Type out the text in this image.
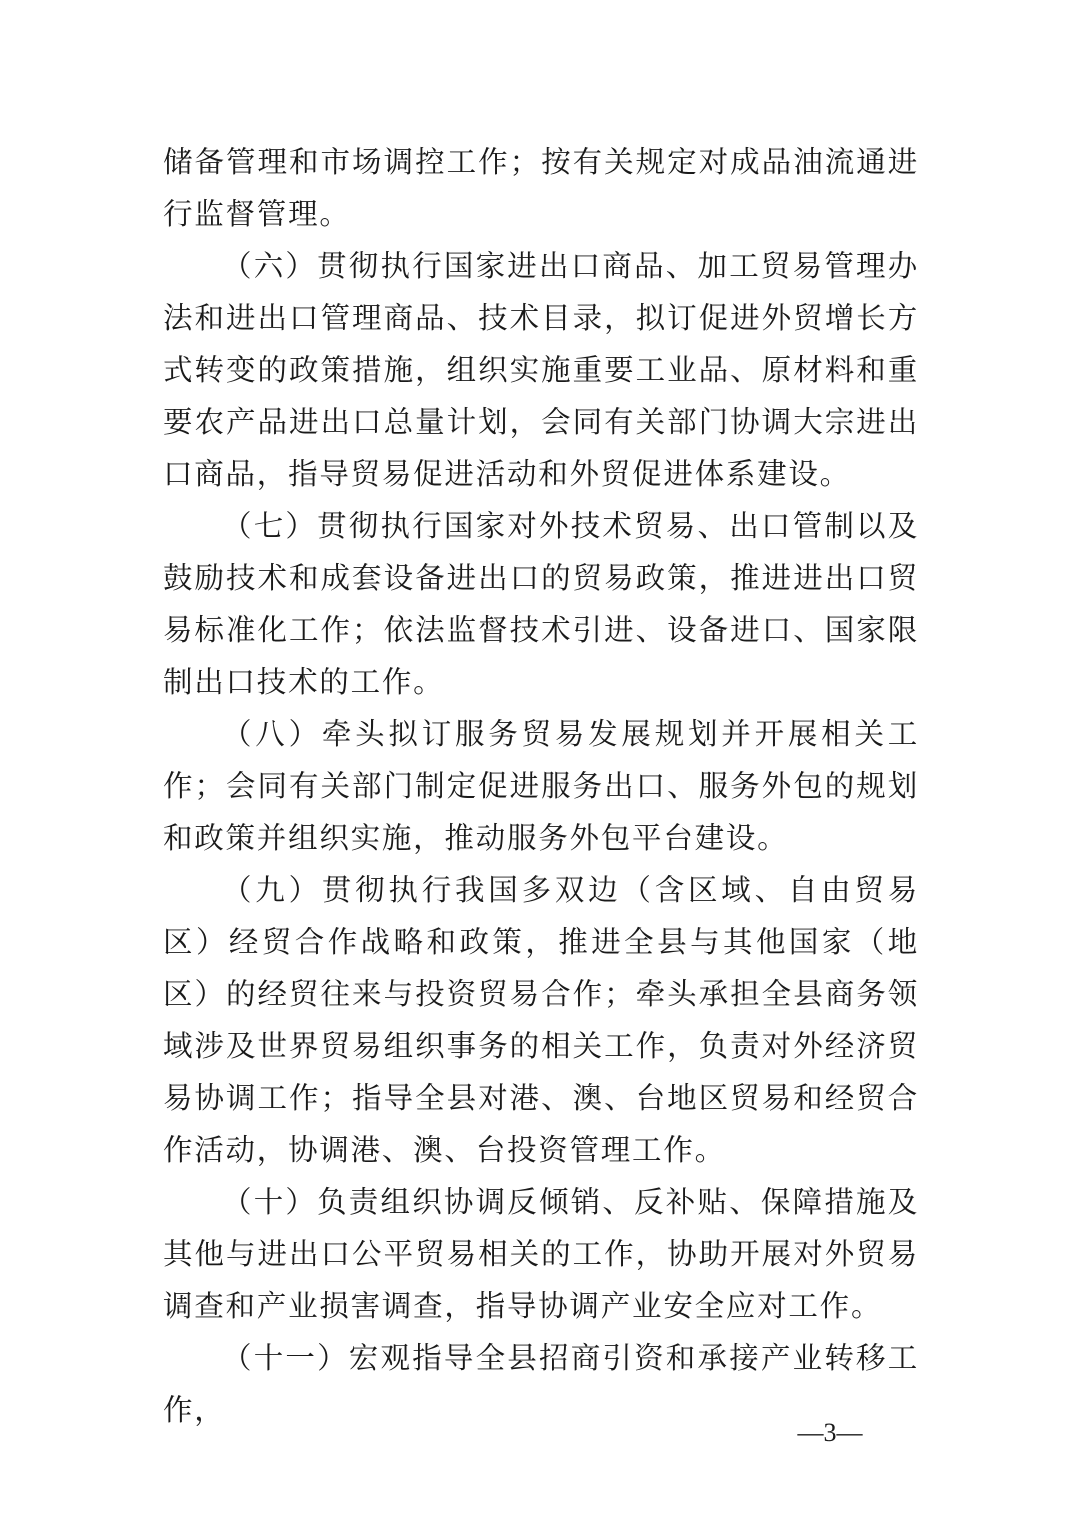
储备管理和市场调控工作；按有关规定对成品油流通进行监督管理。

（六）贯彻执行国家进出口商品、加工贸易管理办法和进出口管理商品、技术目录，拟订促进外贸增长方式转变的政策措施，组织实施重要工业品、原材料和重要农产品进出口总量计划，会同有关部门协调大宗进出口商品，指导贸易促进活动和外贸促进体系建设。

（七）贯彻执行国家对外技术贸易、出口管制以及鼓励技术和成套设备进出口的贸易政策，推进进出口贸易标准化工作；依法监督技术引进、设备进口、国家限制出口技术的工作。

（八）牵头拟订服务贸易发展规划并开展相关工作；会同有关部门制定促进服务出口、服务外包的规划和政策并组织实施，推动服务外包平台建设。

（九）贯彻执行我国多双边（含区域、自由贸易区）经贸合作战略和政策，推进全县与其他国家（地区）的经贸往来与投资贸易合作；牵头承担全县商务领域涉及世界贸易组织事务的相关工作，负责对外经济贸易协调工作；指导全县对港、澳、台地区贸易和经贸合作活动，协调港、澳、台投资管理工作。

（十）负责组织协调反倾销、反补贴、保障措施及其他与进出口公平贸易相关的工作，协助开展对外贸易调查和产业损害调查，指导协调产业安全应对工作。

（十一）宏观指导全县招商引资和承接产业转移工作，

—3—
